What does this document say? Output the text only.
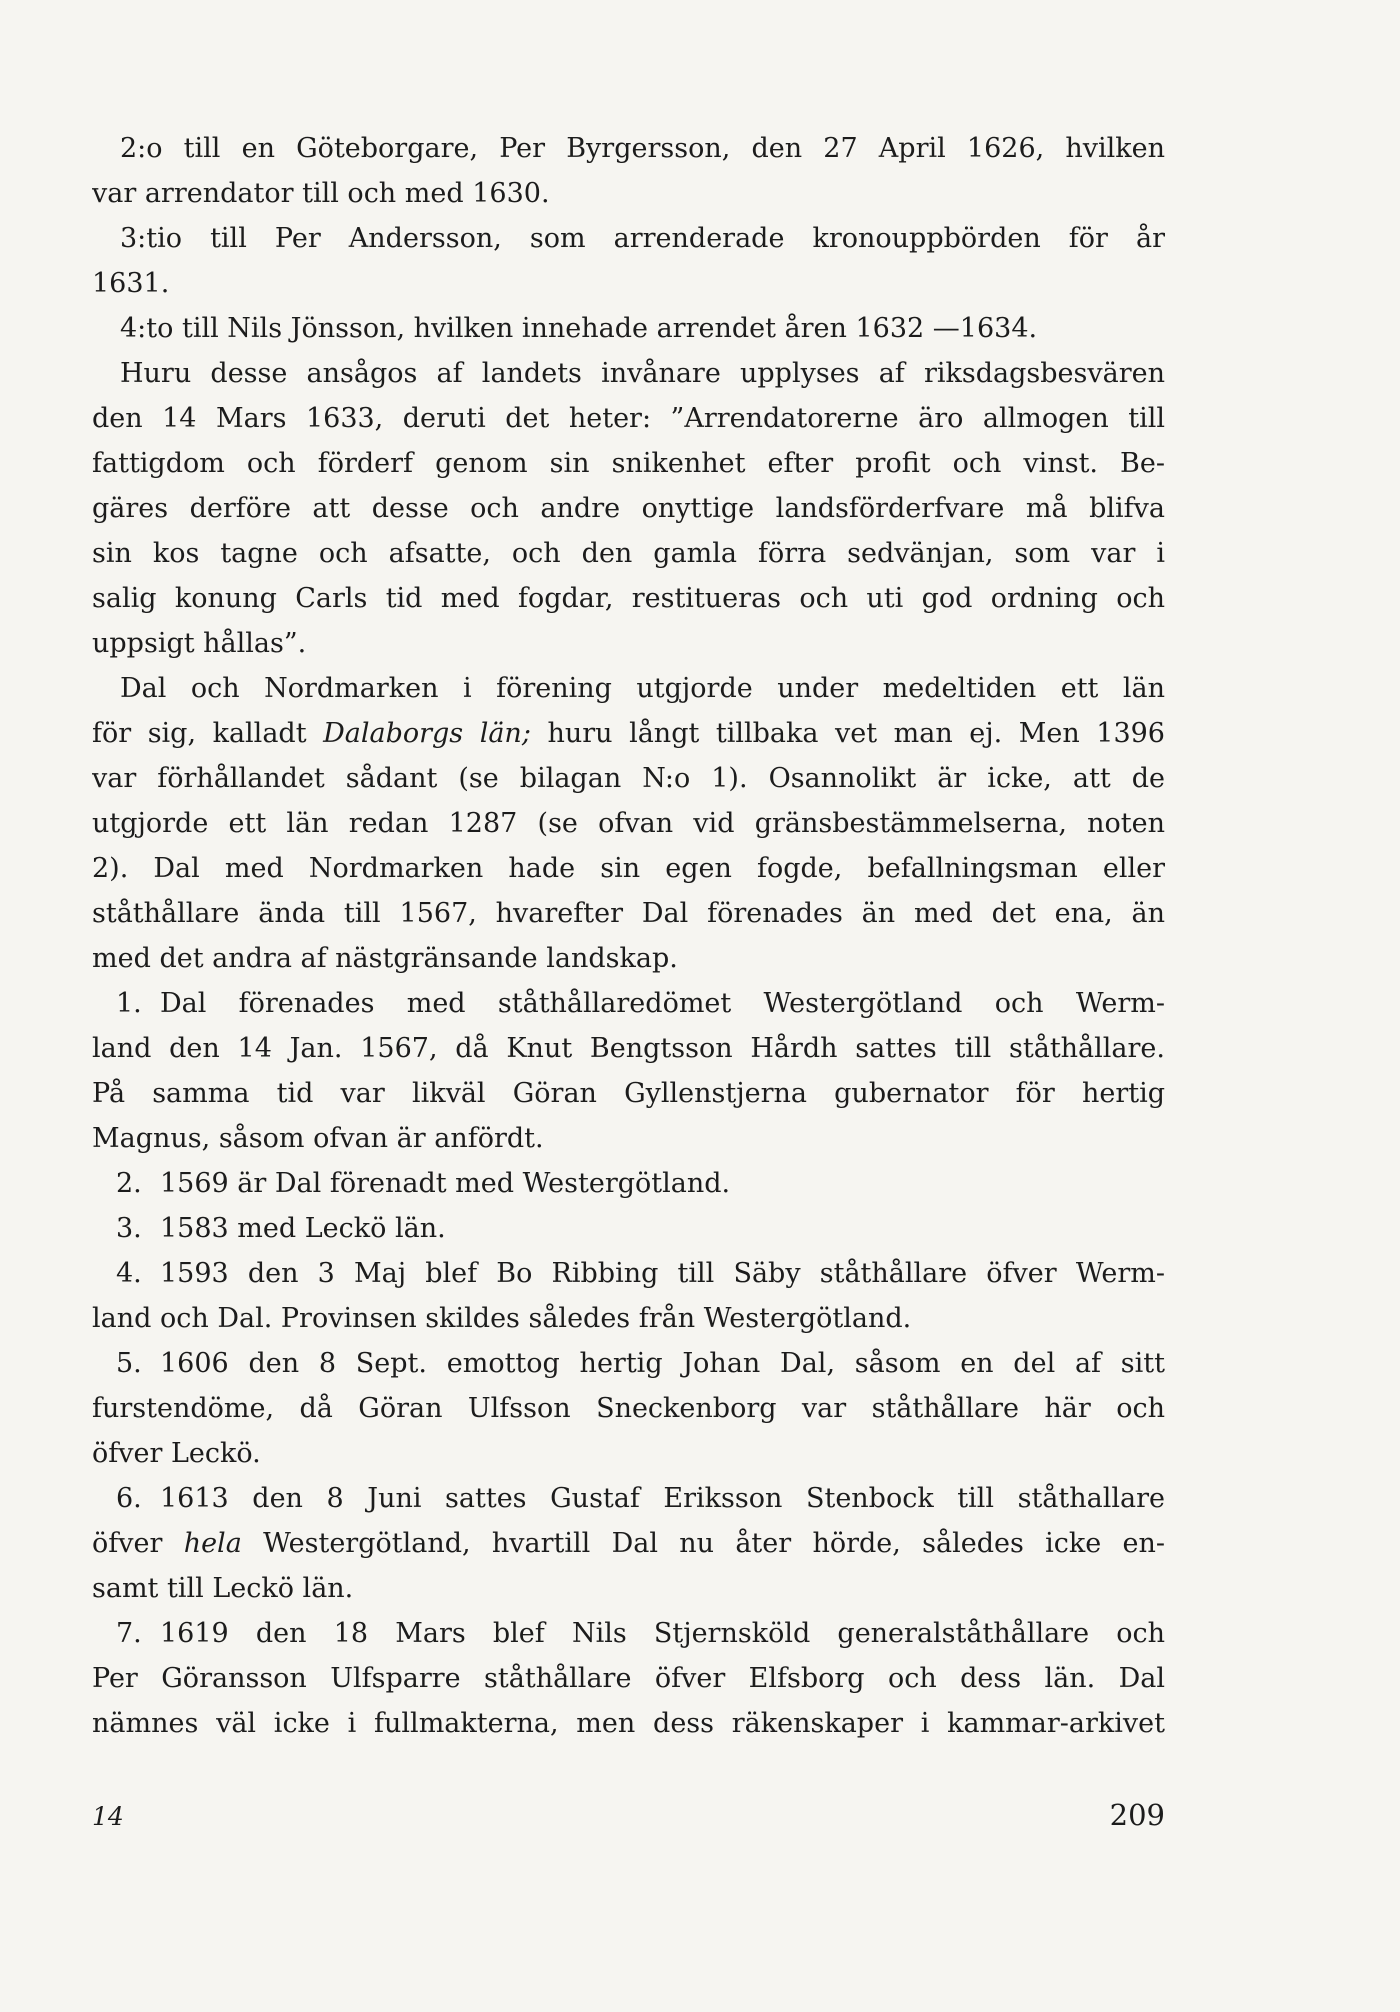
2:o till en Göteborgare, Per Byrgersson, den 27 April 1626, hvilken
var arrendator till och med 1630.
3:tio till Per Andersson, som arrenderade kronouppbörden för år
1631.
4:to till Nils Jönsson, hvilken innehade arrendet åren 1632 —1634.
Huru desse ansågos af landets invånare upplyses af riksdagsbesvären
den 14 Mars 1633, deruti det heter: ”Arrendatorerne äro allmogen till
fattigdom och förderf genom sin snikenhet efter profit och vinst. Be-
gäres derföre att desse och andre onyttige landsförderfvare må blifva
sin kos tagne och afsatte, och den gamla förra sedvänjan, som var i
salig konung Carls tid med fogdar, restitueras och uti god ordning och
uppsigt hållas”.
Dal och Nordmarken i förening utgjorde under medeltiden ett län
för sig, kalladt Dalaborgs län; huru långt tillbaka vet man ej. Men 1396
var förhållandet sådant (se bilagan N:o 1). Osannolikt är icke, att de
utgjorde ett län redan 1287 (se ofvan vid gränsbestämmelserna, noten
2). Dal med Nordmarken hade sin egen fogde, befallningsman eller
ståthållare ända till 1567, hvarefter Dal förenades än med det ena, än
med det andra af nästgränsande landskap.
1. Dal förenades med ståthållaredömet Westergötland och Werm-
land den 14 Jan. 1567, då Knut Bengtsson Hårdh sattes till ståthållare.
På samma tid var likväl Göran Gyllenstjerna gubernator för hertig
Magnus, såsom ofvan är anfördt.
2. 1569 är Dal förenadt med Westergötland.
3. 1583 med Leckö län.
4. 1593 den 3 Maj blef Bo Ribbing till Säby ståthållare öfver Werm-
land och Dal. Provinsen skildes således från Westergötland.
5. 1606 den 8 Sept. emottog hertig Johan Dal, såsom en del af sitt
furstendöme, då Göran Ulfsson Sneckenborg var ståthållare här och
öfver Leckö.
6. 1613 den 8 Juni sattes Gustaf Eriksson Stenbock till ståthallare
öfver hela Westergötland, hvartill Dal nu åter hörde, således icke en-
samt till Leckö län.
7. 1619 den 18 Mars blef Nils Stjernsköld generalståthållare och
Per Göransson Ulfsparre ståthållare öfver Elfsborg och dess län. Dal
nämnes väl icke i fullmakterna, men dess räkenskaper i kammar-arkivet
14	209
